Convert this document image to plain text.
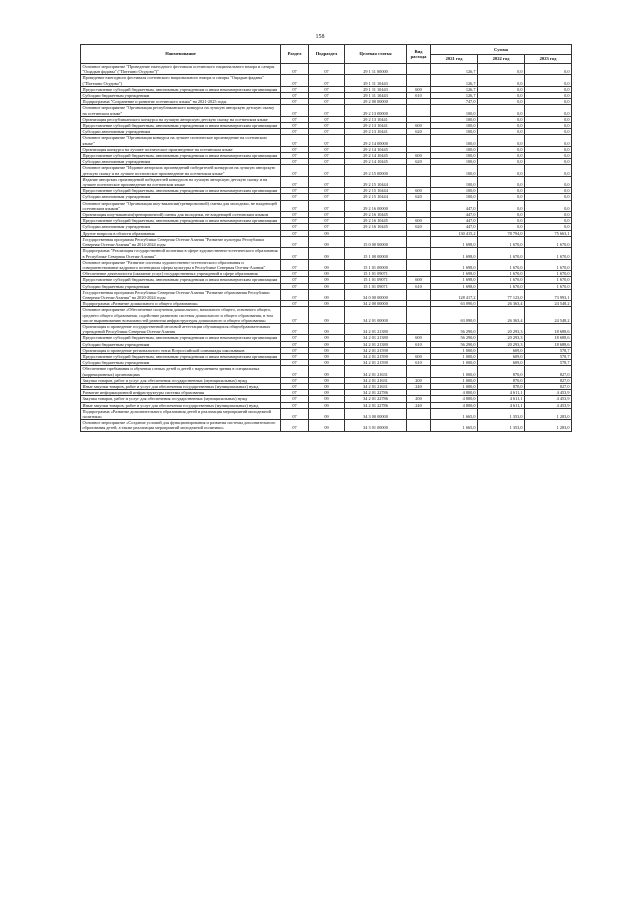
158
Наименование	Раздел	Подраздел	Целевая статья	Вид расхода	Сумма		
					2021 год	2022 год	2023 год
Основное мероприятие "Проведение ежегодного фестиваля осетинского национального юмора и сатиры "Ощадын фадавы" ("Потешно Осудово")"	07	07	29 1 11 00000		126,7	0,0	0,0
Проведение ежегодного фестиваля осетинского национального юмора и сатиры "Ощадын фадавы" ("Потешно Осудово")	07	07	29 1 11 10443		126,7	0,0	0,0
Предоставление субсидий бюджетным, автономным учреждениям и иным некоммерческим организациям	07	07	29 1 11 10443	600	126,7	0,0	0,0
Субсидии бюджетным учреждениям	07	07	29 1 11 10443	610	126,7	0,0	0,0
Подпрограмма "Сохранение и развитие осетинского языка" на 2021-2025 годы	07	07	29 2 00 00000		747,0	0,0	0,0
Основное мероприятие "Организация республиканского конкурса на лучшую авторскую детскую сказку на осетинском языке"	07	07	29 2 13 00000		100,0	0,0	0,0
Организация республиканского конкурса на лучшую авторскую детскую сказку на осетинском языке	07	07	29 2 13 10441		100,0	0,0	0,0
Предоставление субсидий бюджетным, автономным учреждениям и иным некоммерческим организациям	07	07	29 2 13 10441	600	100,0	0,0	0,0
Субсидии автономным учреждениям	07	07	29 2 13 10441	620	100,0	0,0	0,0
Основное мероприятие "Организация конкурса на лучшее поэтическое произведение на осетинском языке"	07	07	29 2 14 00000		100,0	0,0	0,0
Организация конкурса на лучшее поэтическое произведение на осетинском языке	07	07	29 2 14 10445		100,0	0,0	0,0
Предоставление субсидий бюджетным, автономным учреждениям и иным некоммерческим организациям	07	07	29 2 14 10445	600	100,0	0,0	0,0
Субсидии автономным учреждениям	07	07	29 2 14 10445	620	100,0	0,0	0,0
Основное мероприятие "Издание авторских произведений победителей конкурсов на лучшую авторскую детскую сказку и на лучшее поэтическое произведение на осетинском языке"	07	07	29 2 15 00000		100,0	0,0	0,0
Издание авторских произведений победителей конкурсов на лучшую авторскую детскую сказку и на лучшее поэтическое произведение на осетинском языке	07	07	29 2 15 10444		100,0	0,0	0,0
Предоставление субсидий бюджетным, автономным учреждениям и иным некоммерческим организациям	07	07	29 2 15 10444	600	100,0	0,0	0,0
Субсидии автономным учреждениям	07	07	29 2 15 10444	620	100,0	0,0	0,0
Основное мероприятие "Организация шоу-вакансии(тренировочной) смены для молодежи, не владеющей осетинским языком"	07	07	29 2 16 00000		447,0	0,0	0,0
Организация шоу-вакансии(тренировочной) смены для молодежи, не владеющей осетинским языком	07	07	29 2 16 10445		447,0	0,0	0,0
Предоставление субсидий бюджетным, автономным учреждениям и иным некоммерческим организациям	07	07	29 2 16 10445	600	447,0	0,0	0,0
Субсидии автономным учреждениям	07	07	29 2 16 10445	620	447,0	0,0	0,0
Другие вопросы в области образования	07	09			130 415,2	78 794,0	75 663,1
Государственная программа Республики Северная Осетия-Алания "Развитие культуры Республики Северная Осетия-Алания" на 2014-2024 годы	07	09	15 0 00 00000		1 698,0	1 670,0	1 670,0
Подпрограмма "Реализация государственной политики в сфере художественно-эстетического образования в Республике Северная Осетия-Алания"	07	09	15 1 00 00000		1 698,0	1 670,0	1 670,0
Основное мероприятие "Развитие системы художественно-эстетического образования и совершенствование кадрового потенциала сферы культуры в Республике Северная Осетия-Алания"	07	09	15 1 01 00000		1 698,0	1 670,0	1 670,0
Обеспечение деятельности (оказание услуг) государственных учреждений в сфере образования	07	09	15 1 01 09071		1 698,0	1 670,0	1 670,0
Предоставление субсидий бюджетным, автономным учреждениям и иным некоммерческим организациям	07	09	15 1 01 09071	600	1 698,0	1 670,0	1 670,0
Субсидии бюджетным учреждениям	07	09	15 1 01 09071	610	1 698,0	1 670,0	1 670,0
Государственная программа Республики Северная Осетия-Алания "Развитие образования Республики Северная Осетия-Алания" на 2020-2024 годы	07	09	34 0 00 00000		128 417,2	77 123,0	73 993,1
Подпрограмма «Развитие дошкольного и общего образования»	07	09	34 2 00 00000		63 090,0	26 363,4	24 548,2
Основное мероприятие «Обеспечение получения дошкольного, начального общего, основного общего, среднего общего образования, содействие развитию системы дошкольного и общего образования, в том числе выравниванию возможностей развития инфраструктуры дошкольного и общего образования»	07	09	34 2 01 00000		63 090,0	26 363,4	24 548,2
Организация и проведение государственной итоговой аттестации обучающихся общеобразовательных учреждений Республики Северная Осетия-Алания	07	09	34 2 01 21380		56 290,0	20 293,3	18 688,6
Предоставление субсидий бюджетным, автономным учреждениям и иным некоммерческим организациям	07	09	34 2 01 21380	600	56 290,0	20 293,3	18 688,6
Субсидии бюджетным учреждениям	07	09	34 2 01 21380	610	56 290,0	20 293,3	18 688,6
Организация и проведение регионального этапа Всероссийской олимпиады школьников	07	09	34 2 01 21590		1 000,0	609,0	578,7
Предоставление субсидий бюджетным, автономным учреждениям и иным некоммерческим организациям	07	09	34 2 01 21590	600	1 000,0	609,0	578,7
Субсидии бюджетным учреждениям	07	09	34 2 01 21590	610	1 000,0	609,0	578,7
Обеспечение пребывания и обучения слепых детей и детей с нарушением зрения в специальных (коррекционных) организациях	07	09	34 2 01 21631		1 000,0	870,0	827,0
Закупка товаров, работ и услуг для обеспечения государственных (муниципальных) нужд	07	09	34 2 01 21631	200	1 000,0	870,0	827,0
Иные закупки товаров, работ и услуг для обеспечения государственных (муниципальных) нужд	07	09	34 2 01 21631	240	1 000,0	870,0	827,0
Развитие информационной инфраструктуры системы образования	07	09	34 2 01 22786		4 800,0	4 611,1	4 453,9
Закупка товаров, работ и услуг для обеспечения государственных (муниципальных) нужд	07	09	34 2 01 22786	200	4 800,0	4 611,1	4 453,9
Иные закупки товаров, работ и услуг для обеспечения государственных (муниципальных) нужд	07	09	34 2 01 22786	240	4 800,0	4 611,1	4 453,9
Подпрограмма «Развитие дополнительного образования детей и реализация мероприятий молодежной политики»	07	09	34 3 00 00000		1 665,0	1 353,0	1 283,0
Основное мероприятие «Создание условий для функционирования и развития системы дополнительного образования детей, а также реализация мероприятий молодежной политики»	07	09	34 3 01 00000		1 665,0	1 353,0	1 283,0
